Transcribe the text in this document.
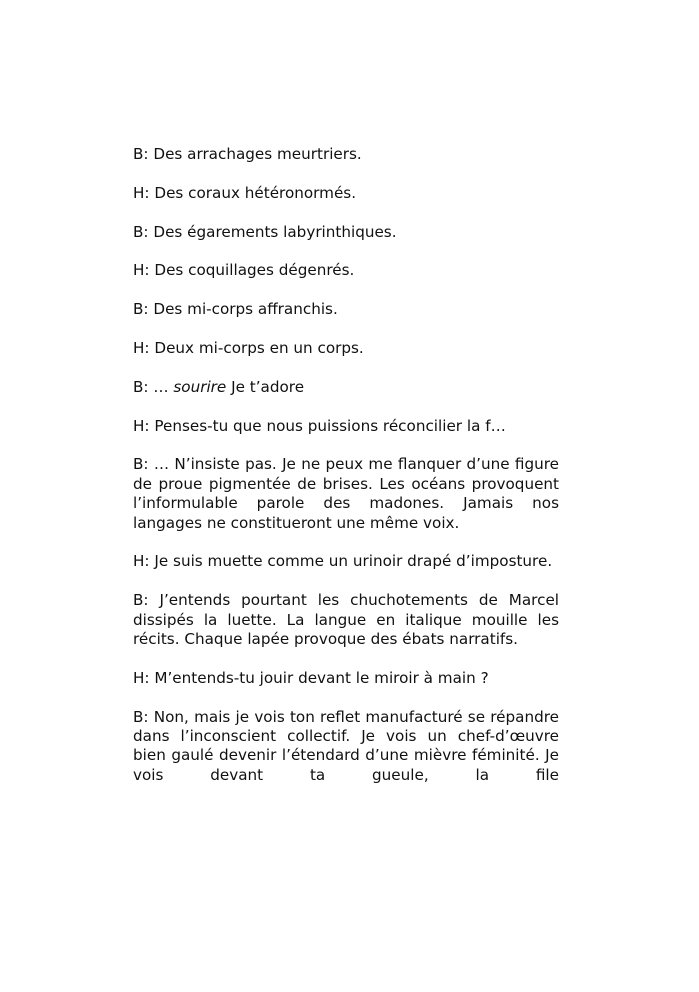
B: Des arrachages meurtriers.

H: Des coraux hétéronormés.

B: Des égarements labyrinthiques.

H: Des coquillages dégenrés.

B: Des mi-corps affranchis.

H: Deux mi-corps en un corps.

B: … sourire Je t’adore

H: Penses-tu que nous puissions réconcilier la f…

B: … N’insiste pas. Je ne peux me flanquer d’une figure de proue pigmentée de brises. Les océans provoquent l’informulable parole des madones. Jamais nos langages ne constitueront une même voix.

H: Je suis muette comme un urinoir drapé d’imposture.

B: J’entends pourtant les chuchotements de Marcel dissipés la luette. La langue en italique mouille les récits. Chaque lapée provoque des ébats narratifs.

H: M’entends-tu jouir devant le miroir à main ?

B: Non, mais je vois ton reflet manufacturé se répandre dans l’inconscient collectif. Je vois un chef-d’œuvre bien gaulé devenir l’étendard d’une mièvre féminité. Je vois devant ta gueule, la file
